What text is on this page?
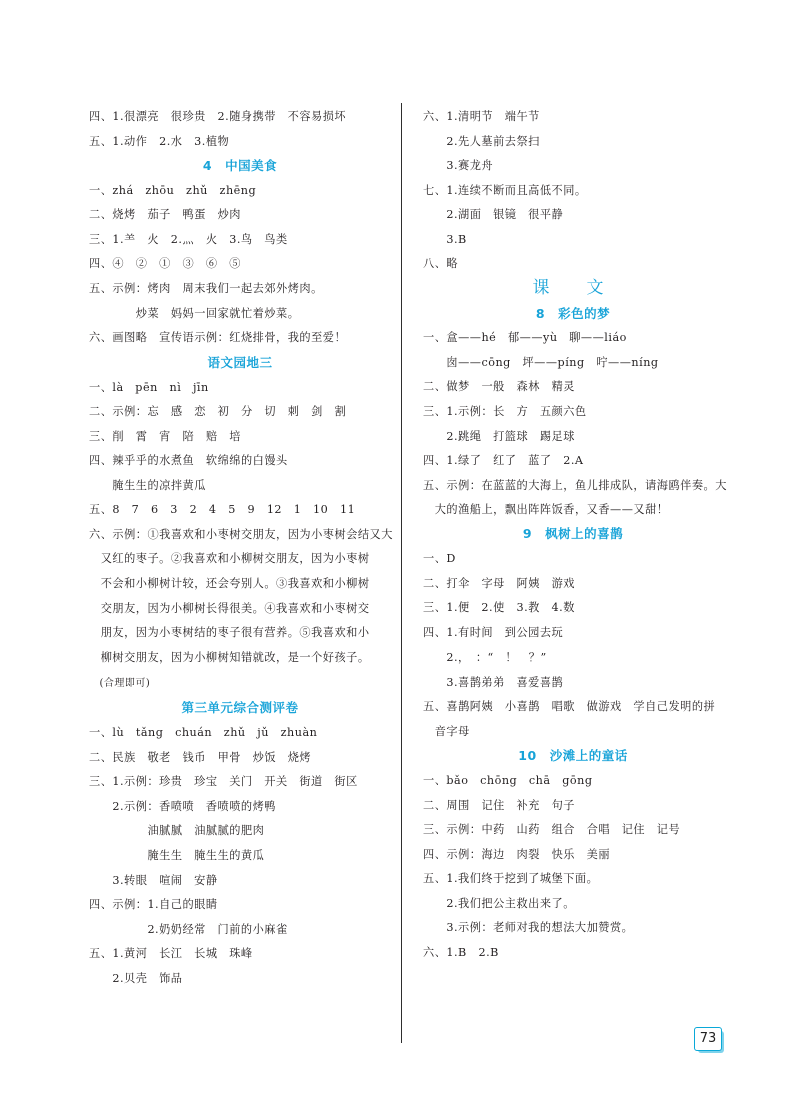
四、1.很漂亮　很珍贵　2.随身携带　不容易损坏
五、1.动作　2.水　3.植物
4　中国美食
一、zhá　zhōu　zhǔ　zhēng
二、烧烤　茄子　鸭蛋　炒肉
三、1.⺷　火　2.灬　火　3.鸟　鸟类
四、④　②　①　③　⑥　⑤
五、示例：烤肉　周末我们一起去郊外烤肉。
　　　　炒菜　妈妈一回家就忙着炒菜。
六、画图略　宣传语示例：红烧排骨，我的至爱！
语文园地三
一、là　pēn　nì　jīn
二、示例：忘　感　恋　初　分　切　刺　剑　割
三、削　霄　宵　陪　赔　培
四、辣乎乎的水煮鱼　软绵绵的白馒头
　　腌生生的凉拌黄瓜
五、8　7　6　3　2　4　5　9　12　1　10　11
六、示例：①我喜欢和小枣树交朋友，因为小枣树会结又大
　又红的枣子。②我喜欢和小柳树交朋友，因为小枣树
　不会和小柳树计较，还会夸别人。③我喜欢和小柳树
　交朋友，因为小柳树长得很美。④我喜欢和小枣树交
　朋友，因为小枣树结的枣子很有营养。⑤我喜欢和小
　柳树交朋友，因为小柳树知错就改，是一个好孩子。
　(合理即可)
第三单元综合测评卷
一、lù　tǎng　chuán　zhǔ　jǔ　zhuàn
二、民族　敬老　钱币　甲骨　炒饭　烧烤
三、1.示例：珍贵　珍宝　关门　开关　街道　街区
　　2.示例：香喷喷　香喷喷的烤鸭
　　　　　油腻腻　油腻腻的肥肉
　　　　　腌生生　腌生生的黄瓜
　　3.转眼　喧闹　安静
四、示例：1.自己的眼睛
　　　　　2.奶奶经常　门前的小麻雀
五、1.黄河　长江　长城　珠峰
　　2.贝壳　饰品
六、1.清明节　端午节
　　2.先人墓前去祭扫
　　3.赛龙舟
七、1.连续不断而且高低不同。
　　2.湖面　银镜　很平静
　　3.B
八、略
课　文
8　彩色的梦
一、盒——hé　郁——yù　聊——liáo
　　囱——cōng　坪——píng　咛——níng
二、做梦　一般　森林　精灵
三、1.示例：长　方　五颜六色
　　2.跳绳　打篮球　踢足球
四、1.绿了　红了　蓝了　2.A
五、示例：在蓝蓝的大海上，鱼儿排成队，请海鸥伴奏。大
　大的渔船上，飘出阵阵饭香，又香——又甜！
9　枫树上的喜鹊
一、D
二、打伞　字母　阿姨　游戏
三、1.便　2.使　3.教　4.数
四、1.有时间　到公园去玩
　　2.，　：“　！　？”
　　3.喜鹊弟弟　喜爱喜鹊
五、喜鹊阿姨　小喜鹊　唱歌　做游戏　学自己发明的拼
　音字母
10　沙滩上的童话
一、bǎo　chōng　chā　gōng
二、周围　记住　补充　句子
三、示例：中药　山药　组合　合唱　记住　记号
四、示例：海边　肉裂　快乐　美丽
五、1.我们终于挖到了城堡下面。
　　2.我们把公主救出来了。
　　3.示例：老师对我的想法大加赞赏。
六、1.B　2.B
73
